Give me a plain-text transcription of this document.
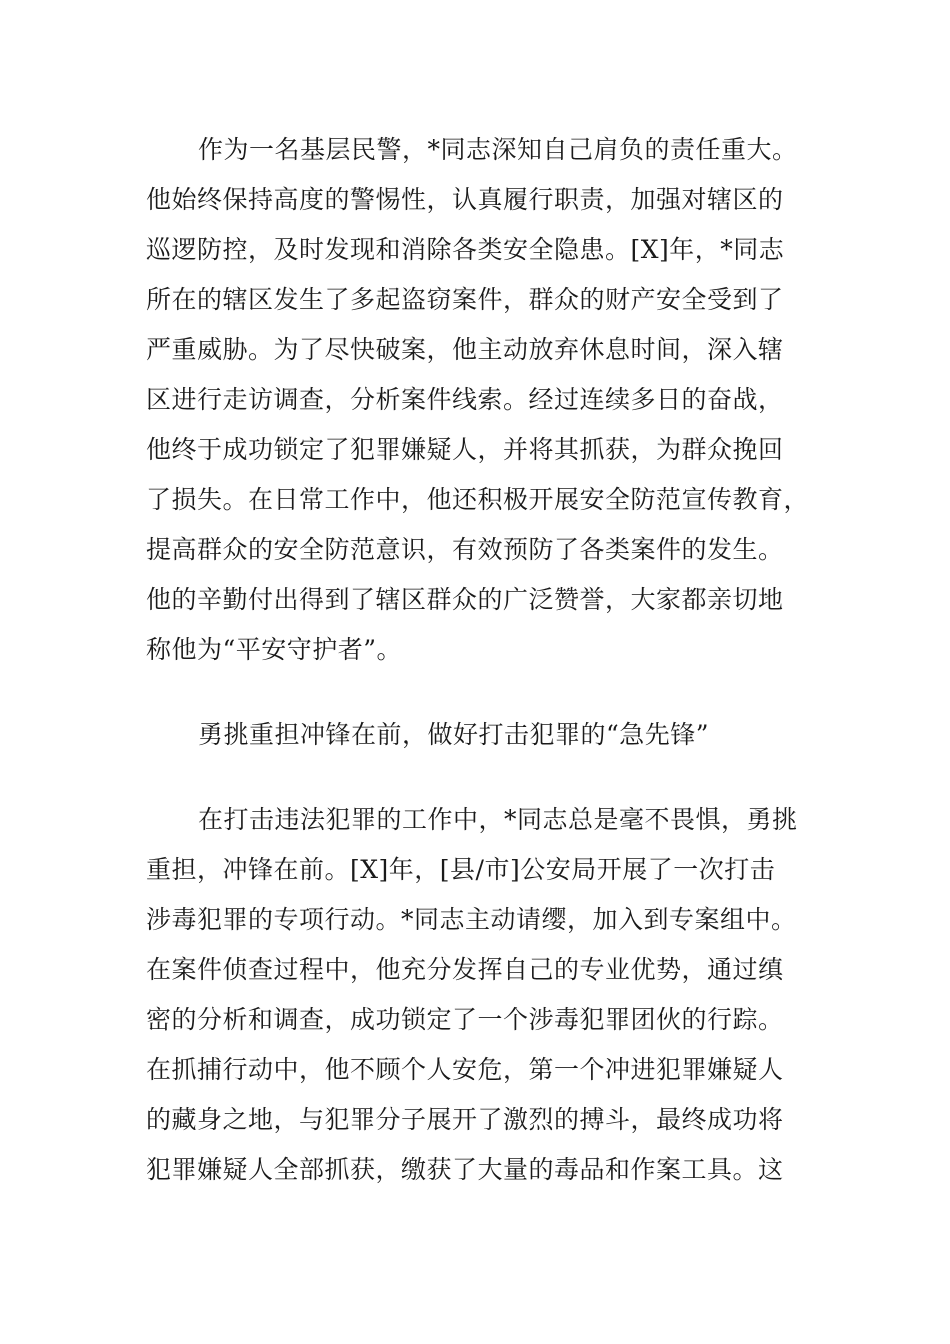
作为一名基层民警，*同志深知自己肩负的责任重大。
他始终保持高度的警惕性，认真履行职责，加强对辖区的
巡逻防控，及时发现和消除各类安全隐患。[X]年，*同志
所在的辖区发生了多起盗窃案件，群众的财产安全受到了
严重威胁。为了尽快破案，他主动放弃休息时间，深入辖
区进行走访调查，分析案件线索。经过连续多日的奋战，
他终于成功锁定了犯罪嫌疑人，并将其抓获，为群众挽回
了损失。在日常工作中，他还积极开展安全防范宣传教育，
提高群众的安全防范意识，有效预防了各类案件的发生。
他的辛勤付出得到了辖区群众的广泛赞誉，大家都亲切地
称他为“平安守护者”。
勇挑重担冲锋在前，做好打击犯罪的“急先锋”
在打击违法犯罪的工作中，*同志总是毫不畏惧，勇挑
重担，冲锋在前。[X]年，[县/市]公安局开展了一次打击
涉毒犯罪的专项行动。*同志主动请缨，加入到专案组中。
在案件侦查过程中，他充分发挥自己的专业优势，通过缜
密的分析和调查，成功锁定了一个涉毒犯罪团伙的行踪。
在抓捕行动中，他不顾个人安危，第一个冲进犯罪嫌疑人
的藏身之地，与犯罪分子展开了激烈的搏斗，最终成功将
犯罪嫌疑人全部抓获，缴获了大量的毒品和作案工具。这
